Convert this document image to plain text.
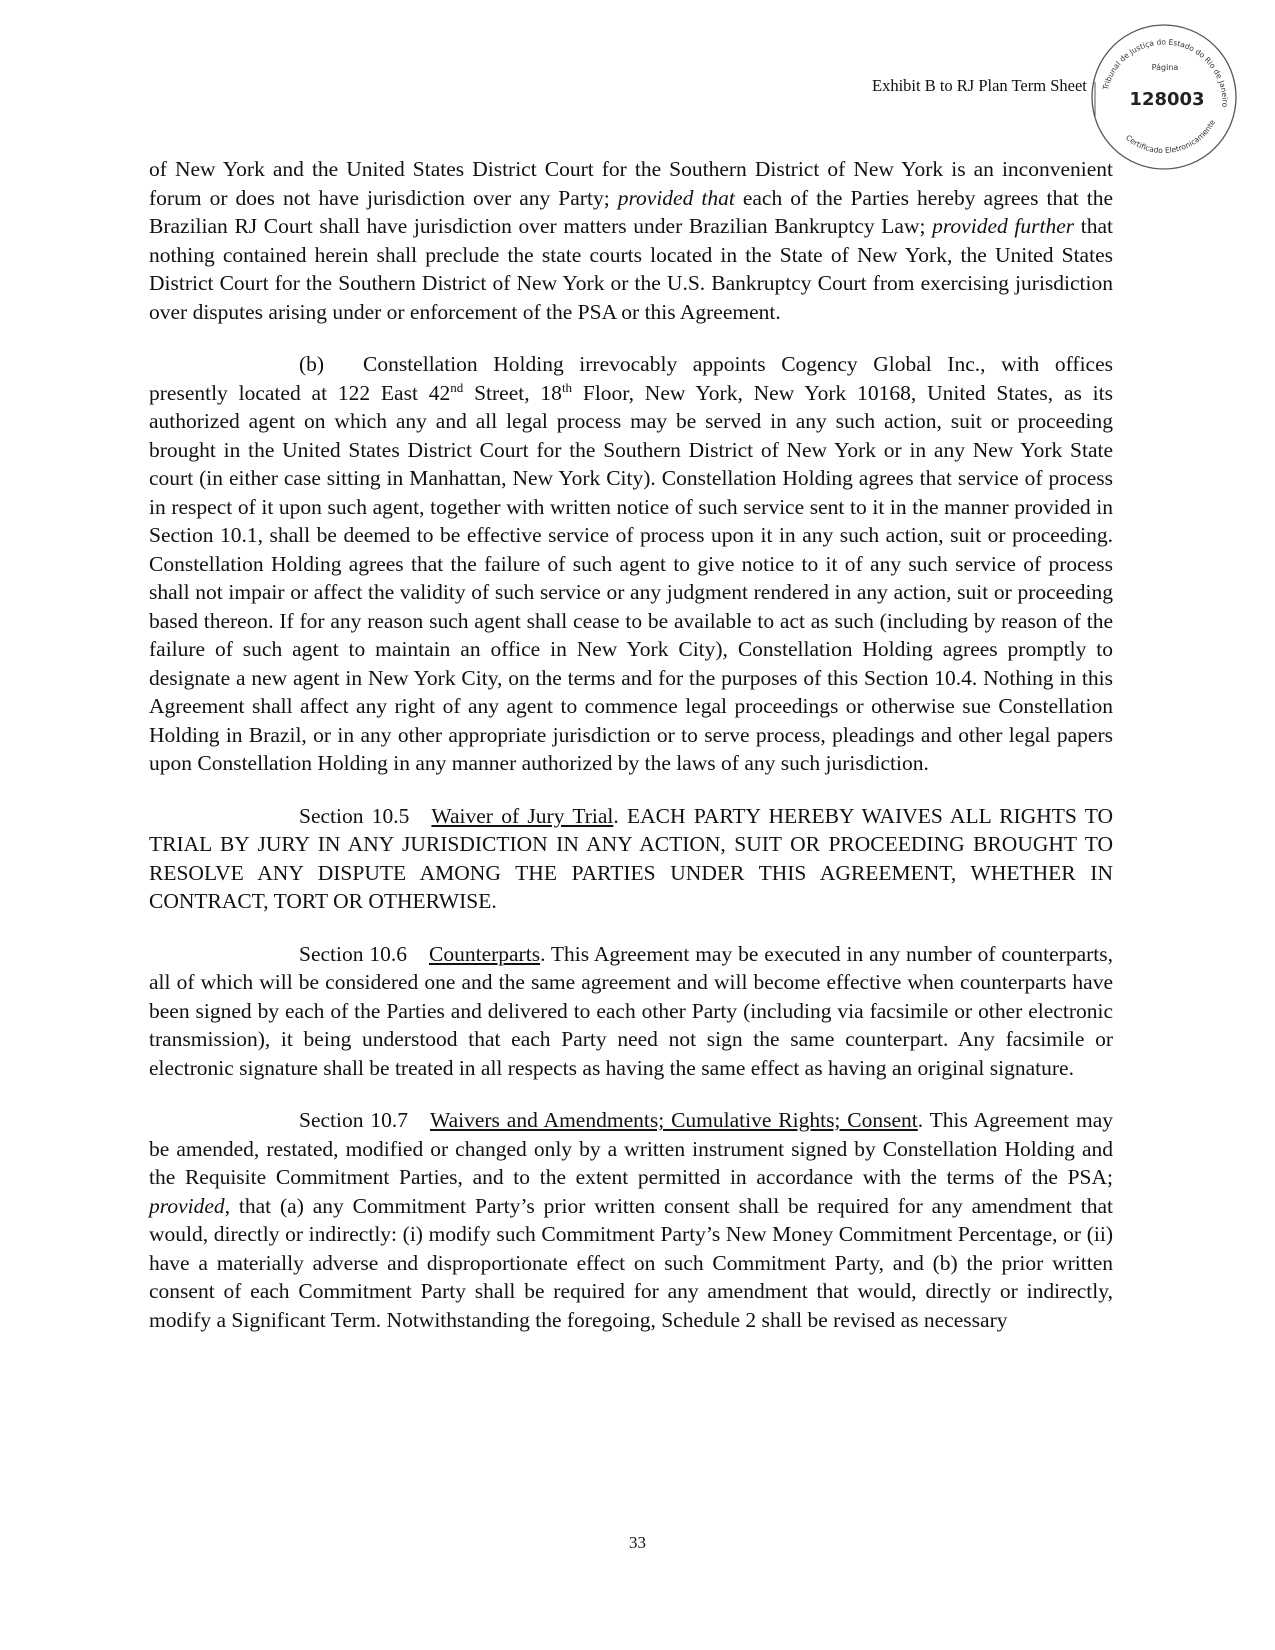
Exhibit B to RJ Plan Term Sheet Tribunal de Justiça do Estado do Rio de Janeiro
Certificado Eletronicamente
Página
128003

of New York and the United States District Court for the Southern District of New York is an inconvenient forum or does not have jurisdiction over any Party; provided that each of the Parties hereby agrees that the Brazilian RJ Court shall have jurisdiction over matters under Brazilian Bankruptcy Law; provided further that nothing contained herein shall preclude the state courts located in the State of New York, the United States District Court for the Southern District of New York or the U.S. Bankruptcy Court from exercising jurisdiction over disputes arising under or enforcement of the PSA or this Agreement.

(b) Constellation Holding irrevocably appoints Cogency Global Inc., with offices presently located at 122 East 42nd Street, 18th Floor, New York, New York 10168, United States, as its authorized agent on which any and all legal process may be served in any such action, suit or proceeding brought in the United States District Court for the Southern District of New York or in any New York State court (in either case sitting in Manhattan, New York City). Constellation Holding agrees that service of process in respect of it upon such agent, together with written notice of such service sent to it in the manner provided in Section 10.1, shall be deemed to be effective service of process upon it in any such action, suit or proceeding. Constellation Holding agrees that the failure of such agent to give notice to it of any such service of process shall not impair or affect the validity of such service or any judgment rendered in any action, suit or proceeding based thereon. If for any reason such agent shall cease to be available to act as such (including by reason of the failure of such agent to maintain an office in New York City), Constellation Holding agrees promptly to designate a new agent in New York City, on the terms and for the purposes of this Section 10.4. Nothing in this Agreement shall affect any right of any agent to commence legal proceedings or otherwise sue Constellation Holding in Brazil, or in any other appropriate jurisdiction or to serve process, pleadings and other legal papers upon Constellation Holding in any manner authorized by the laws of any such jurisdiction.

Section 10.5 Waiver of Jury Trial. EACH PARTY HEREBY WAIVES ALL RIGHTS TO TRIAL BY JURY IN ANY JURISDICTION IN ANY ACTION, SUIT OR PROCEEDING BROUGHT TO RESOLVE ANY DISPUTE AMONG THE PARTIES UNDER THIS AGREEMENT, WHETHER IN CONTRACT, TORT OR OTHERWISE.

Section 10.6 Counterparts. This Agreement may be executed in any number of counterparts, all of which will be considered one and the same agreement and will become effective when counterparts have been signed by each of the Parties and delivered to each other Party (including via facsimile or other electronic transmission), it being understood that each Party need not sign the same counterpart. Any facsimile or electronic signature shall be treated in all respects as having the same effect as having an original signature.

Section 10.7 Waivers and Amendments; Cumulative Rights; Consent. This Agreement may be amended, restated, modified or changed only by a written instrument signed by Constellation Holding and the Requisite Commitment Parties, and to the extent permitted in accordance with the terms of the PSA; provided, that (a) any Commitment Party’s prior written consent shall be required for any amendment that would, directly or indirectly: (i) modify such Commitment Party’s New Money Commitment Percentage, or (ii) have a materially adverse and disproportionate effect on such Commitment Party, and (b) the prior written consent of each Commitment Party shall be required for any amendment that would, directly or indirectly, modify a Significant Term. Notwithstanding the foregoing, Schedule 2 shall be revised as necessary

33
